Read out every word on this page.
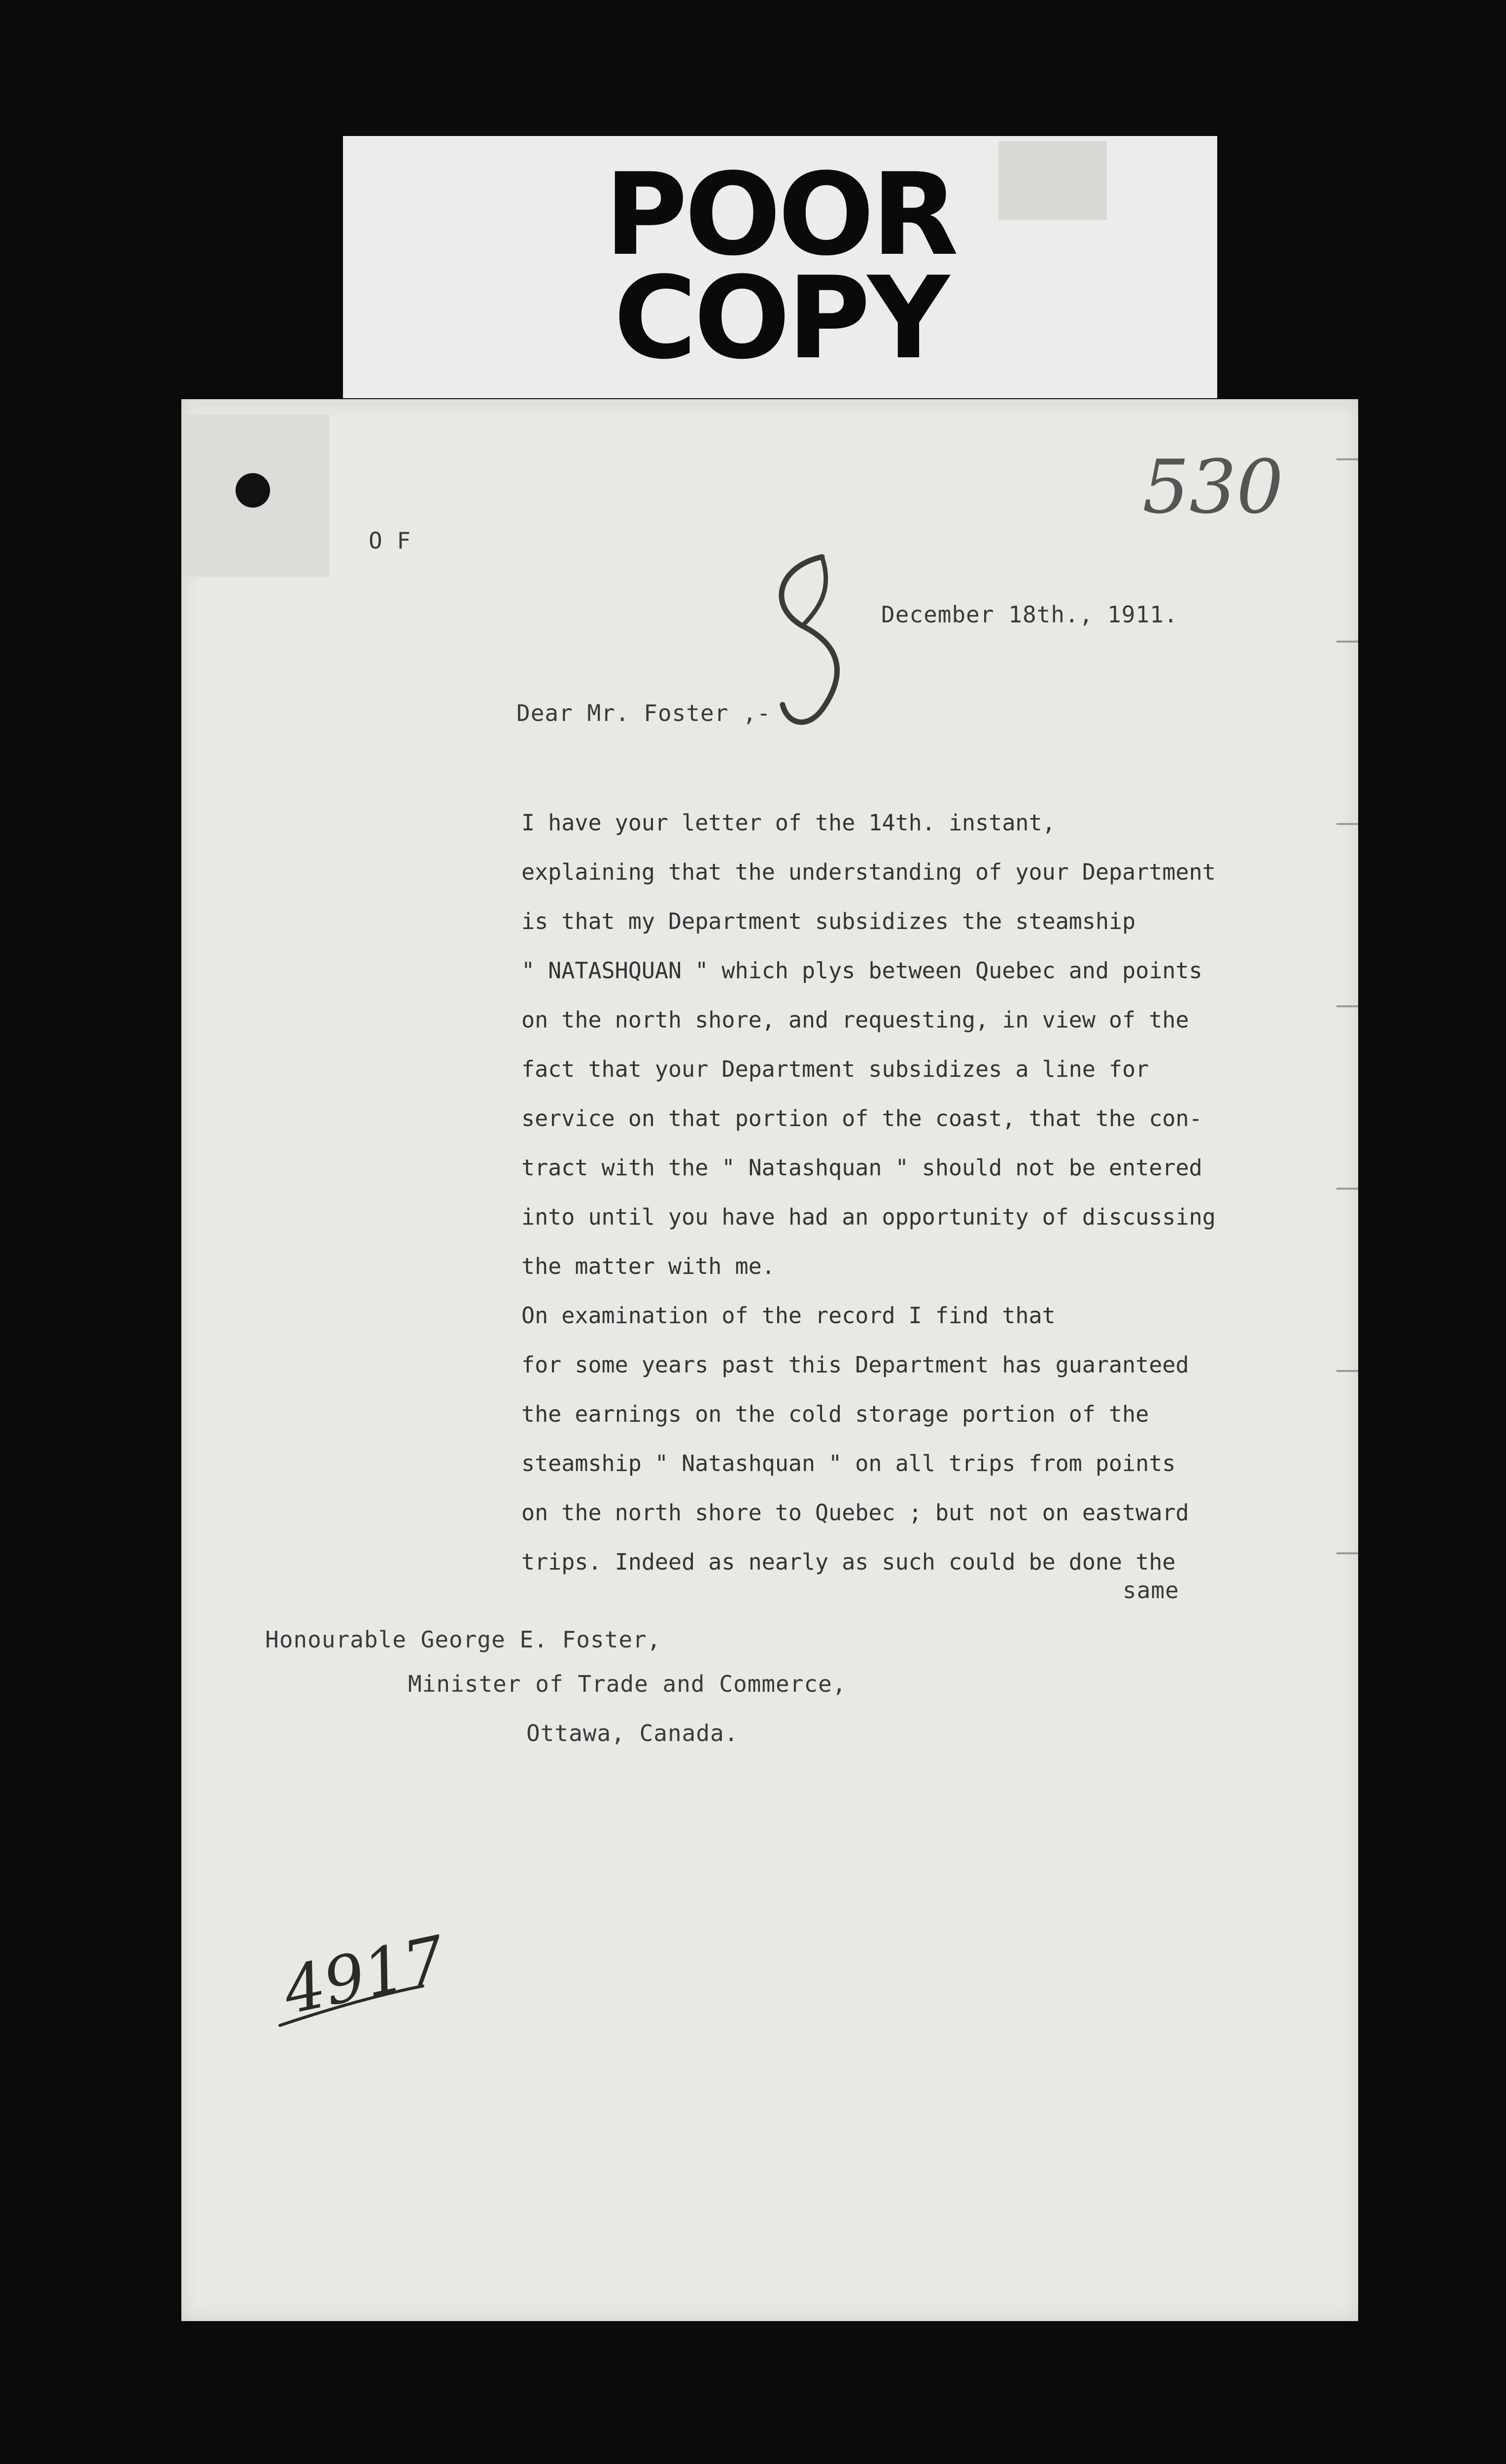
POOR
COPY
O F
530
December 18th., 1911.
Dear Mr. Foster ,-
I have your letter of the 14th. instant,
explaining that the understanding of your Department
is that my Department subsidizes the steamship
" NATASHQUAN " which plys between Quebec and points
on the north shore, and requesting, in view of the
fact that your Department subsidizes a line for
service on that portion of the coast, that the con-
tract with the " Natashquan " should not be entered
into until you have had an opportunity of discussing
the matter with me.
On examination of the record I find that
for some years past this Department has guaranteed
the earnings on the cold storage portion of the
steamship " Natashquan " on all trips from points
on the north shore to Quebec ; but not on eastward
trips. Indeed as nearly as such could be done the
same
Honourable George E. Foster,
Minister of Trade and Commerce,
Ottawa, Canada.
4917
